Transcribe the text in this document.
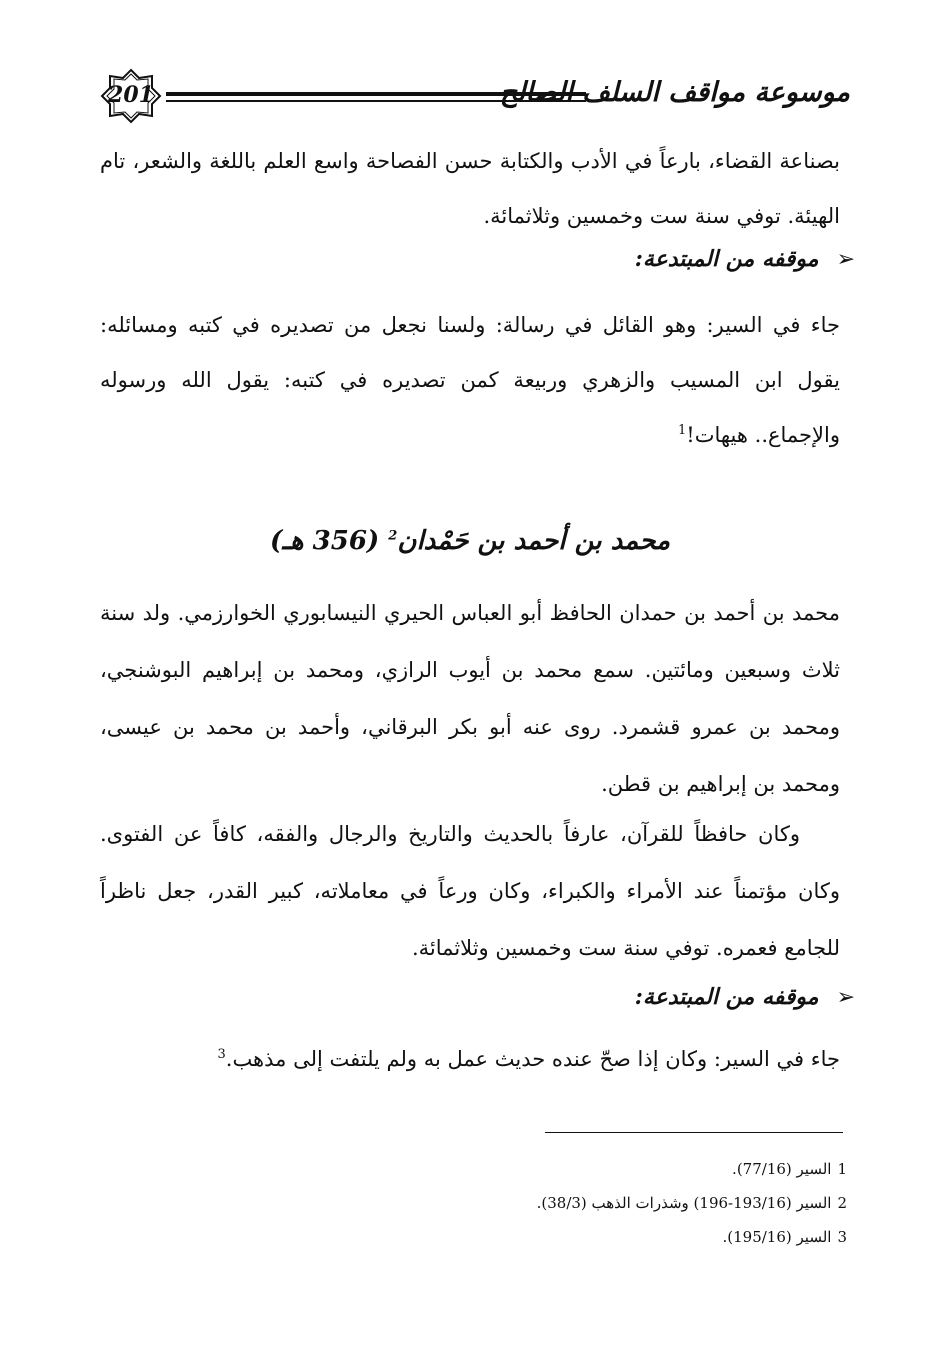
201	موسوعة مواقف السلف الصالح
بصناعة القضاء، بارعاً في الأدب والكتابة حسن الفصاحة واسع العلم باللغة والشعر، تام الهيئة. توفي سنة ست وخمسين وثلاثمائة.
➢موقفه من المبتدعة:
جاء في السير: وهو القائل في رسالة: ولسنا نجعل من تصديره في كتبه ومسائله: يقول ابن المسيب والزهري وربيعة كمن تصديره في كتبه: يقول الله ورسوله والإجماع.. هيهات!$^1$
محمد بن أحمد بن حَمْدان$^2$ (356 هـ)
محمد بن أحمد بن حمدان الحافظ أبو العباس الحيري النيسابوري الخوارزمي. ولد سنة ثلاث وسبعين ومائتين. سمع محمد بن أيوب الرازي، ومحمد بن إبراهيم البوشنجي، ومحمد بن عمرو قشمرد. روى عنه أبو بكر البرقاني، وأحمد بن محمد بن عيسى، ومحمد بن إبراهيم بن قطن.
وكان حافظاً للقرآن، عارفاً بالحديث والتاريخ والرجال والفقه، كافاً عن الفتوى. وكان مؤتمناً عند الأمراء والكبراء، وكان ورعاً في معاملاته، كبير القدر، جعل ناظراً للجامع فعمره. توفي سنة ست وخمسين وثلاثمائة.
➢موقفه من المبتدعة:
جاء في السير: وكان إذا صحّ عنده حديث عمل به ولم يلتفت إلى مذهب.$^3$
1السير (77/16).
2السير (193/16-196) وشذرات الذهب (38/3).
3السير (195/16).
